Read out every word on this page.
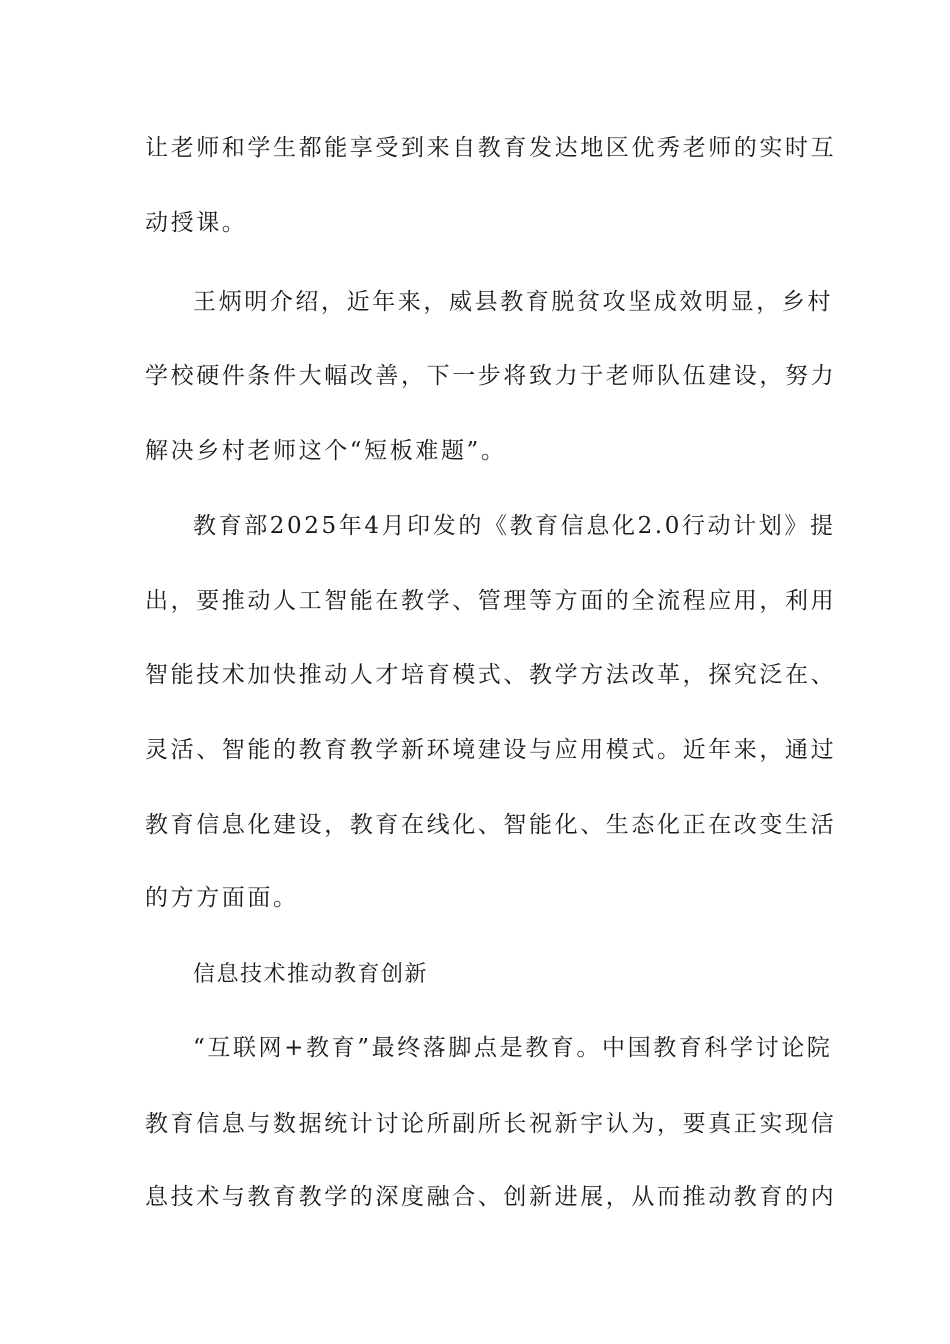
让老师和学生都能享受到来自教育发达地区优秀老师的实时互
动授课。
王炳明介绍，近年来，威县教育脱贫攻坚成效明显，乡村
学校硬件条件大幅改善，下一步将致力于老师队伍建设，努力
解决乡村老师这个“短板难题”。
教育部2025年4月印发的《教育信息化2.0行动计划》提
出，要推动人工智能在教学、管理等方面的全流程应用，利用
智能技术加快推动人才培育模式、教学方法改革，探究泛在、
灵活、智能的教育教学新环境建设与应用模式。近年来，通过
教育信息化建设，教育在线化、智能化、生态化正在改变生活
的方方面面。
信息技术推动教育创新
“互联网+教育”最终落脚点是教育。中国教育科学讨论院
教育信息与数据统计讨论所副所长祝新宇认为，要真正实现信
息技术与教育教学的深度融合、创新进展，从而推动教育的内
